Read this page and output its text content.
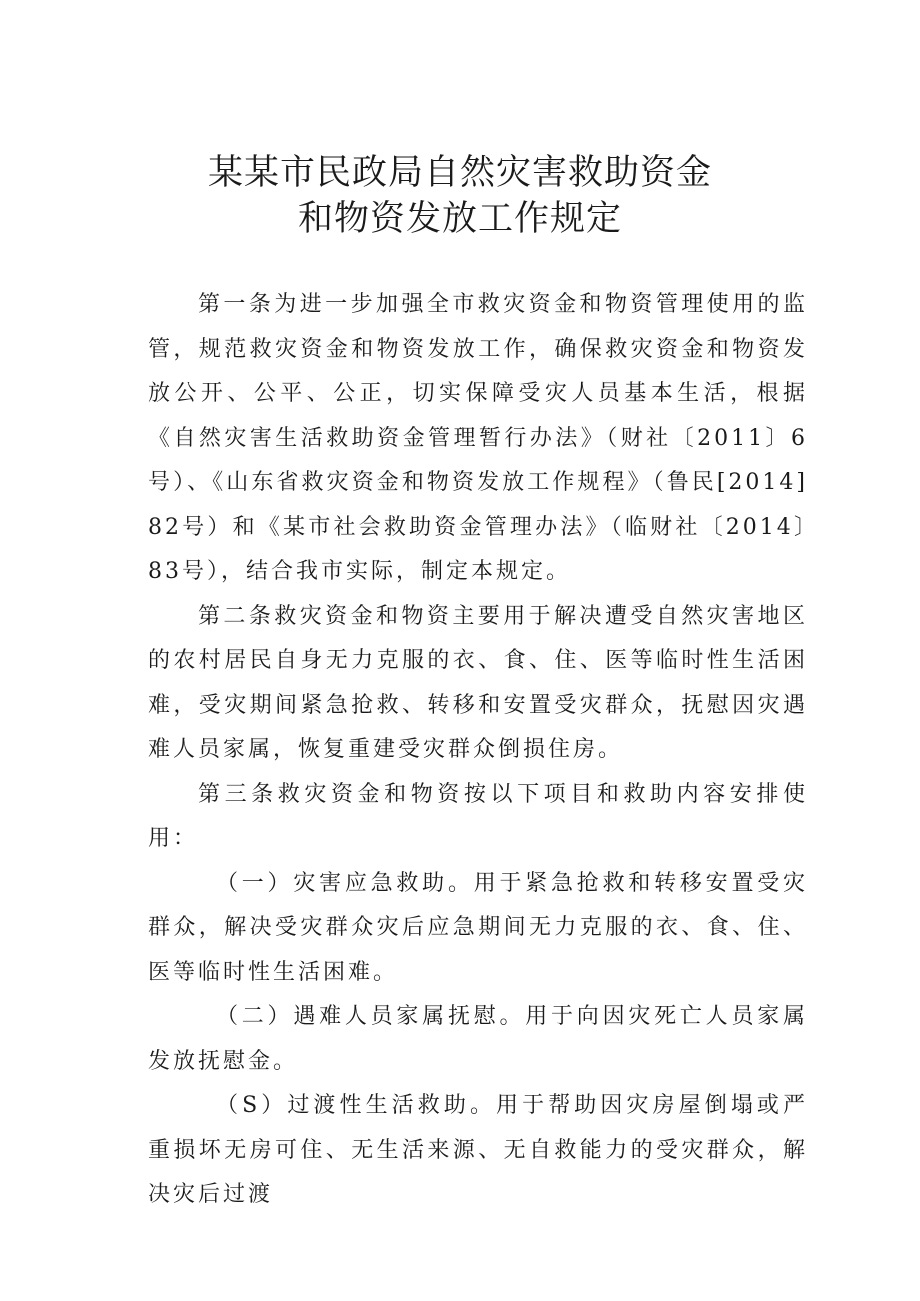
某某市民政局自然灾害救助资金
和物资发放工作规定

第一条为进一步加强全市救灾资金和物资管理使用的监管，规范救灾资金和物资发放工作，确保救灾资金和物资发放公开、公平、公正，切实保障受灾人员基本生活，根据《自然灾害生活救助资金管理暂行办法》（财社〔2011〕6号）、《山东省救灾资金和物资发放工作规程》（鲁民[2014]82号）和《某市社会救助资金管理办法》（临财社〔2014〕83号），结合我市实际，制定本规定。

第二条救灾资金和物资主要用于解决遭受自然灾害地区的农村居民自身无力克服的衣、食、住、医等临时性生活困难，受灾期间紧急抢救、转移和安置受灾群众，抚慰因灾遇难人员家属，恢复重建受灾群众倒损住房。

第三条救灾资金和物资按以下项目和救助内容安排使用：

（一）灾害应急救助。用于紧急抢救和转移安置受灾群众，解决受灾群众灾后应急期间无力克服的衣、食、住、医等临时性生活困难。

（二）遇难人员家属抚慰。用于向因灾死亡人员家属发放抚慰金。

（S）过渡性生活救助。用于帮助因灾房屋倒塌或严重损坏无房可住、无生活来源、无自救能力的受灾群众，解决灾后过渡
